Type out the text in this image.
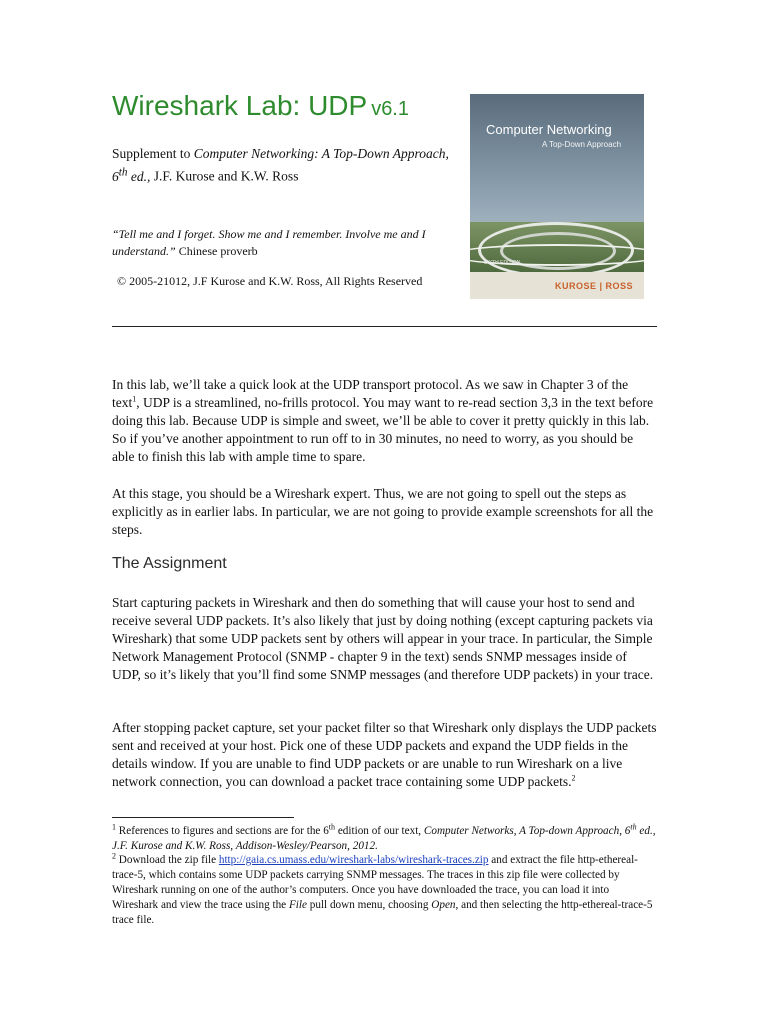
Wireshark Lab: UDP v6.1
Supplement to Computer Networking: A Top-Down Approach, 6th ed., J.F. Kurose and K.W. Ross
“Tell me and I forget. Show me and I remember. Involve me and I understand.” Chinese proverb
© 2005-21012, J.F Kurose and K.W. Ross, All Rights Reserved
Computer Networking
A Top-Down Approach
SIXTH EDITION
KUROSE | ROSS
In this lab, we’ll take a quick look at the UDP transport protocol. As we saw in Chapter 3 of the text$^1$, UDP is a streamlined, no-frills protocol. You may want to re-read section 3,3 in the text before doing this lab. Because UDP is simple and sweet, we’ll be able to cover it pretty quickly in this lab. So if you’ve another appointment to run off to in 30 minutes, no need to worry, as you should be able to finish this lab with ample time to spare.
At this stage, you should be a Wireshark expert. Thus, we are not going to spell out the steps as explicitly as in earlier labs. In particular, we are not going to provide example screenshots for all the steps.
The Assignment
Start capturing packets in Wireshark and then do something that will cause your host to send and receive several UDP packets. It’s also likely that just by doing nothing (except capturing packets via Wireshark) that some UDP packets sent by others will appear in your trace. In particular, the Simple Network Management Protocol (SNMP - chapter 9 in the text) sends SNMP messages inside of UDP, so it’s likely that you’ll find some SNMP messages (and therefore UDP packets) in your trace.
After stopping packet capture, set your packet filter so that Wireshark only displays the UDP packets sent and received at your host. Pick one of these UDP packets and expand the UDP fields in the details window. If you are unable to find UDP packets or are unable to run Wireshark on a live network connection, you can download a packet trace containing some UDP packets.$^2$
$^1$ References to figures and sections are for the 6th edition of our text, Computer Networks, A Top-down Approach, 6th ed., J.F. Kurose and K.W. Ross, Addison-Wesley/Pearson, 2012.
$^2$ Download the zip file http://gaia.cs.umass.edu/wireshark-labs/wireshark-traces.zip and extract the file http-ethereal-trace-5, which contains some UDP packets carrying SNMP messages. The traces in this zip file were collected by Wireshark running on one of the author’s computers. Once you have downloaded the trace, you can load it into Wireshark and view the trace using the File pull down menu, choosing Open, and then selecting the http-ethereal-trace-5 trace file.
